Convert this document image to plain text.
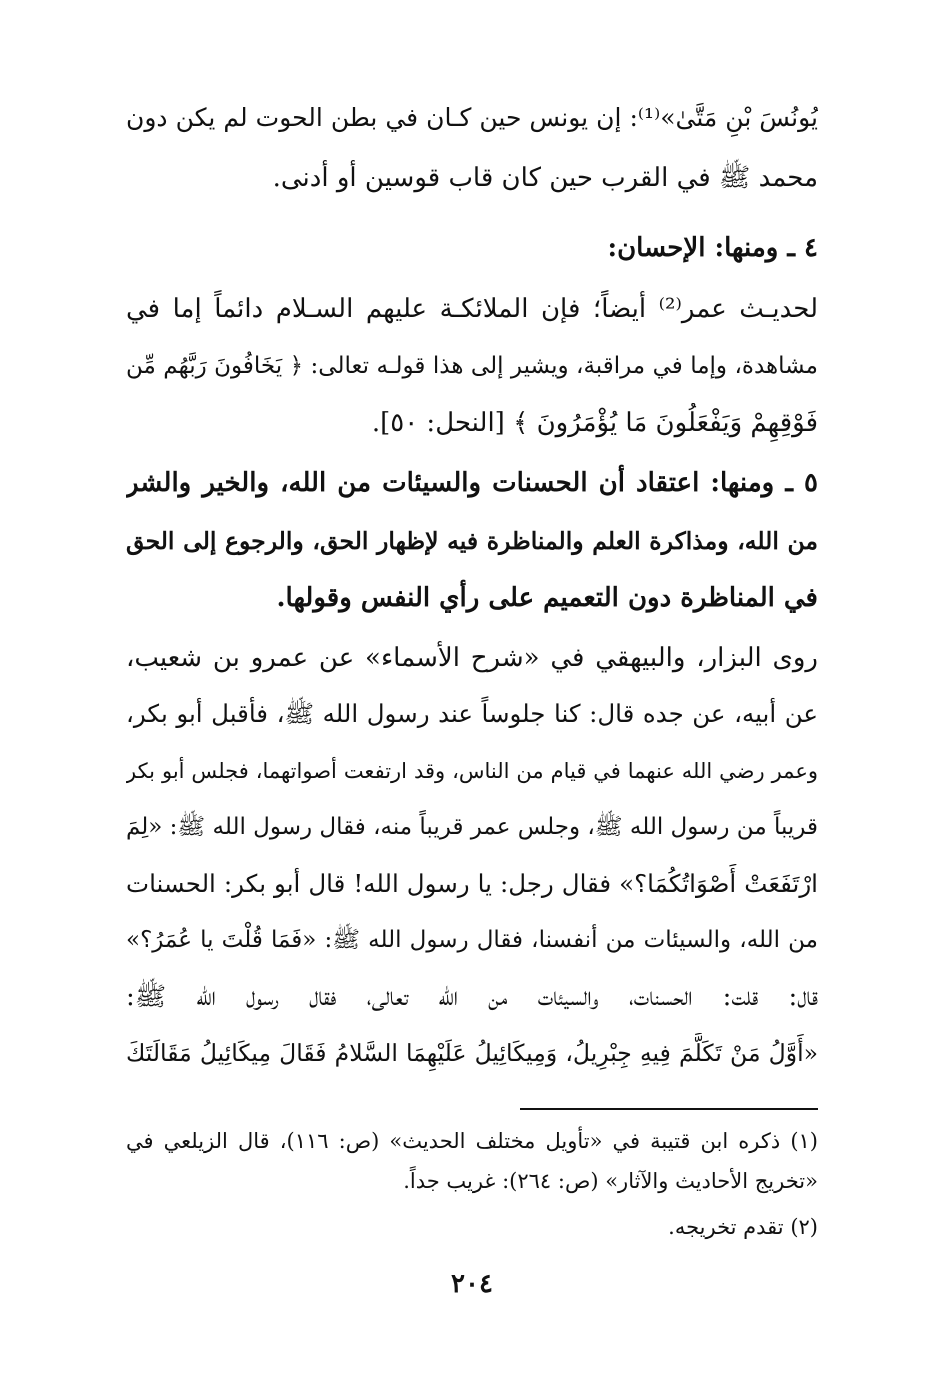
يُونُسَ بْنِ مَتَّىٰ»⁽¹⁾: إن يونس حين كـان في بطن الحوت لم يكن دون
محمد ﷺ في القرب حين كان قاب قوسين أو أدنى.
٤ ـ ومنها: الإحسان:
لحديـث عمر⁽²⁾ أيضاً؛ فإن الملائكـة عليهم السـلام دائماً إما في
مشاهدة، وإما في مراقبة، ويشير إلى هذا قولـه تعالى: ﴿ يَخَافُونَ رَبَّهُم مِّن
فَوْقِهِمْ وَيَفْعَلُونَ مَا يُؤْمَرُونَ ﴾ [النحل: ٥٠].
٥ ـ ومنها: اعتقاد أن الحسنات والسيئات من الله، والخير والشر
من الله، ومذاكرة العلم والمناظرة فيه لإظهار الحق، والرجوع إلى الحق
في المناظرة دون التعميم على رأي النفس وقولها.
روى البزار، والبيهقي في «شرح الأسماء» عن عمرو بن شعيب،
عن أبيه، عن جده قال: كنا جلوساً عند رسول الله ﷺ، فأقبل أبو بكر،
وعمر رضي الله عنهما في قيام من الناس، وقد ارتفعت أصواتهما، فجلس أبو بكر
قريباً من رسول الله ﷺ، وجلس عمر قريباً منه، فقال رسول الله ﷺ: «لِمَ
ارْتَفَعَتْ أَصْوَاتُكُمَا؟» فقال رجل: يا رسول الله! قال أبو بكر: الحسنات
من الله، والسيئات من أنفسنا، فقال رسول الله ﷺ: «فَمَا قُلْتَ يا عُمَرُ؟»
قال: قلت: الحسنات، والسيئات من الله تعالى، فقال رسول الله ﷺ:
«أَوَّلُ مَنْ تَكَلَّمَ فِيهِ جِبْرِيلُ، وَمِيكَائِيلُ عَلَيْهِمَا السَّلامُ فَقَالَ مِيكَائِيلُ مَقَالَتَكَ
(١) ذكره ابن قتيبة في «تأويل مختلف الحديث» (ص: ١١٦)، قال الزيلعي في
«تخريج الأحاديث والآثار» (ص: ٢٦٤): غريب جداً.
(٢) تقدم تخريجه.
٢٠٤
